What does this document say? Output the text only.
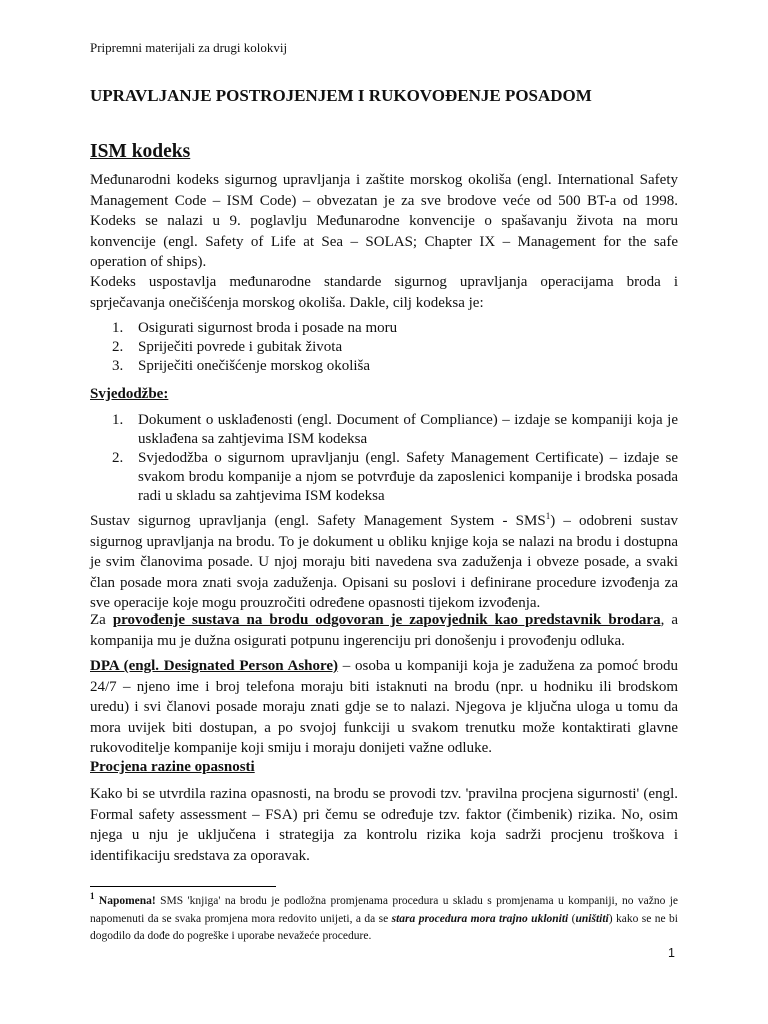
Pripremni materijali za drugi kolokvij
UPRAVLJANJE POSTROJENJEM I RUKOVOĐENJE POSADOM
ISM kodeks

Međunarodni kodeks sigurnog upravljanja i zaštite morskog okoliša (engl. International Safety Management Code – ISM Code) – obvezatan je za sve brodove veće od 500 BT-a od 1998. Kodeks se nalazi u 9. poglavlju Međunarodne konvencije o spašavanju života na moru konvencije (engl. Safety of Life at Sea – SOLAS; Chapter IX – Management for the safe operation of ships).

Kodeks uspostavlja međunarodne standarde sigurnog upravljanja operacijama broda i sprječavanja onečišćenja morskog okoliša. Dakle, cilj kodeksa je:

1. Osigurati sigurnost broda i posade na moru
2. Spriječiti povrede i gubitak života
3. Spriječiti onečišćenje morskog okoliša
Svjedodžbe:
1. Dokument o usklađenosti (engl. Document of Compliance) – izdaje se kompaniji koja je usklađena sa zahtjevima ISM kodeksa
2. Svjedodžba o sigurnom upravljanju (engl. Safety Management Certificate) – izdaje se svakom brodu kompanije a njom se potvrđuje da zaposlenici kompanije i brodska posada radi u skladu sa zahtjevima ISM kodeksa

Sustav sigurnog upravljanja (engl. Safety Management System - SMS$^1$) – odobreni sustav sigurnog upravljanja na brodu. To je dokument u obliku knjige koja se nalazi na brodu i dostupna je svim članovima posade. U njoj moraju biti navedena sva zaduženja i obveze posade, a svaki član posade mora znati svoja zaduženja. Opisani su poslovi i definirane procedure izvođenja za sve operacije koje mogu prouzročiti određene opasnosti tijekom izvođenja.

Za provođenje sustava na brodu odgovoran je zapovjednik kao predstavnik brodara, a kompanija mu je dužna osigurati potpunu ingerenciju pri donošenju i provođenju odluka.

DPA (engl. Designated Person Ashore) – osoba u kompaniji koja je zadužena za pomoć brodu 24/7 – njeno ime i broj telefona moraju biti istaknuti na brodu (npr. u hodniku ili brodskom uredu) i svi članovi posade moraju znati gdje se to nalazi. Njegova je ključna uloga u tomu da mora uvijek biti dostupan, a po svojoj funkciji u svakom trenutku može kontaktirati glavne rukovoditelje kompanije koji smiju i moraju donijeti važne odluke.

Procjena razine opasnosti

Kako bi se utvrdila razina opasnosti, na brodu se provodi tzv. 'pravilna procjena sigurnosti' (engl. Formal safety assessment – FSA) pri čemu se određuje tzv. faktor (čimbenik) rizika. No, osim njega u nju je uključena i strategija za kontrolu rizika koja sadrži procjenu troškova i identifikaciju sredstava za oporavak.

$^1$ Napomena! SMS 'knjiga' na brodu je podložna promjenama procedura u skladu s promjenama u kompaniji, no važno je napomenuti da se svaka promjena mora redovito unijeti, a da se stara procedura mora trajno ukloniti (uništiti) kako se ne bi dogodilo da dođe do pogreške i uporabe nevažeće procedure.

1
